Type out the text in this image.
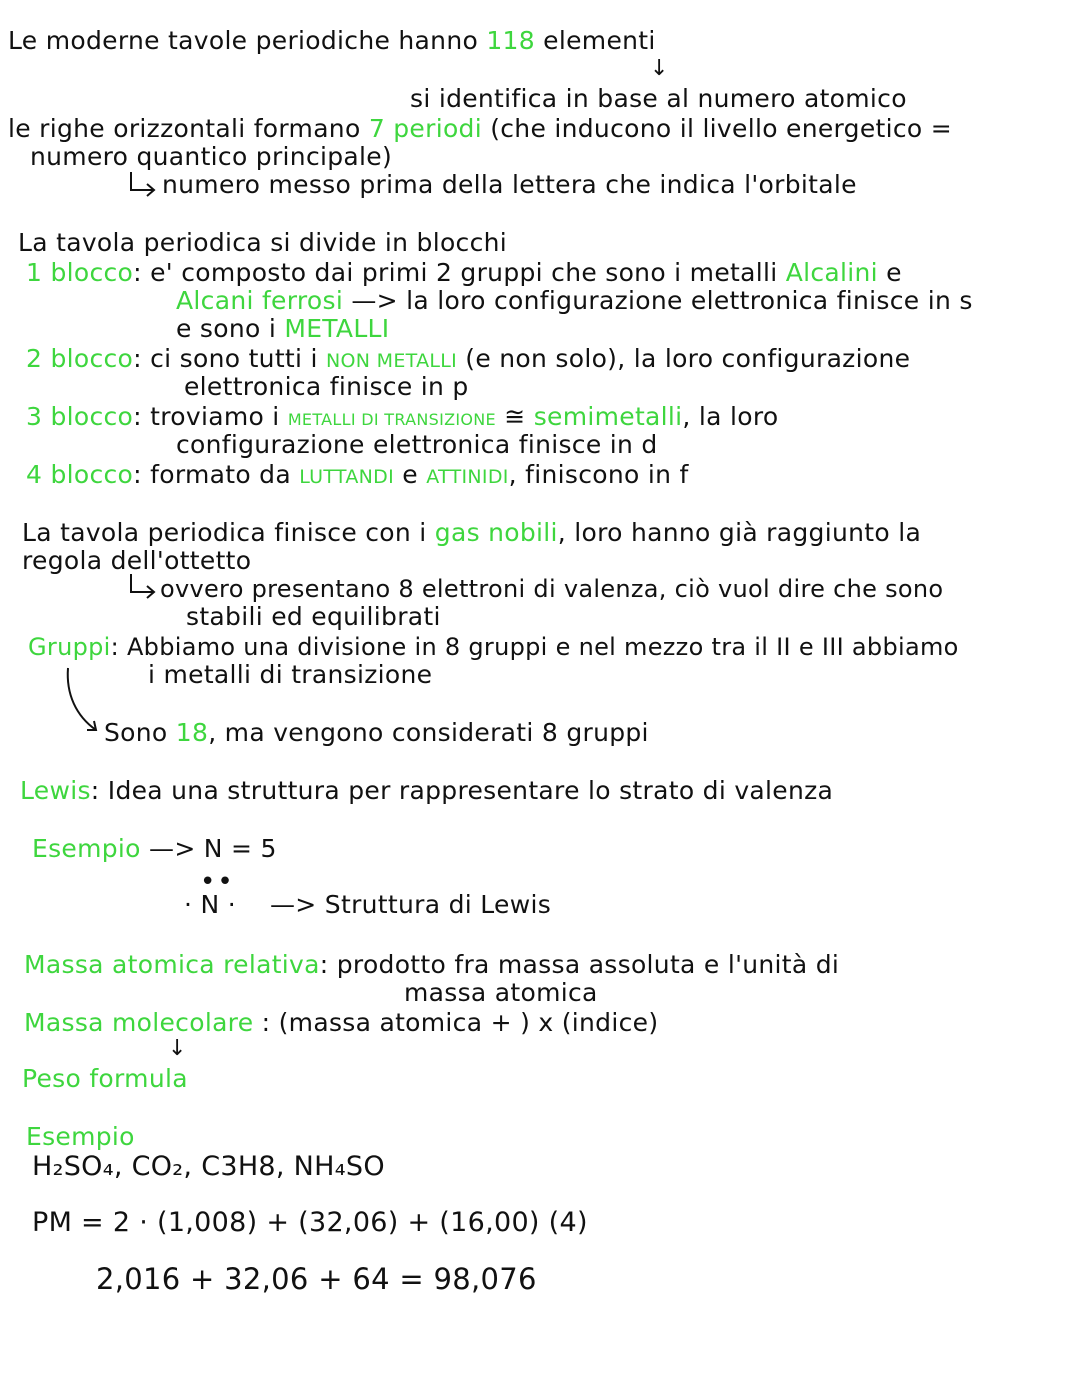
Le moderne tavole periodiche hanno 118 elementi
↓
si identifica in base al numero atomico
le righe orizzontali formano 7 periodi (che inducono il livello energetico =
numero quantico principale)
numero messo prima della lettera che indica l'orbitale
La tavola periodica si divide in blocchi
1 blocco: e' composto dai primi 2 gruppi che sono i metalli Alcalini e
Alcani ferrosi —> la loro configurazione elettronica finisce in s
e sono i METALLI
2 blocco: ci sono tutti i NON METALLI (e non solo), la loro configurazione
elettronica finisce in p
3 blocco: troviamo i METALLI DI TRANSIZIONE ≅ semimetalli, la loro
configurazione elettronica finisce in d
4 blocco: formato da LUTTANDI e ATTINIDI, finiscono in f
La tavola periodica finisce con i gas nobili, loro hanno già raggiunto la
regola dell'ottetto
ovvero presentano 8 elettroni di valenza, ciò vuol dire che sono
stabili ed equilibrati
Gruppi: Abbiamo una divisione in 8 gruppi e nel mezzo tra il II e III abbiamo
i metalli di transizione
Sono 18, ma vengono considerati 8 gruppi
Lewis: Idea una struttura per rappresentare lo strato di valenza
Esempio —> N = 5
••
· N · —> Struttura di Lewis
Massa atomica relativa: prodotto fra massa assoluta e l'unità di
massa atomica
Massa molecolare : (massa atomica + ) x (indice)
↓
Peso formula
Esempio
H₂SO₄, CO₂, C3H8, NH₄SO
PM = 2 · (1,008) + (32,06) + (16,00) (4)
2,016 + 32,06 + 64 = 98,076
